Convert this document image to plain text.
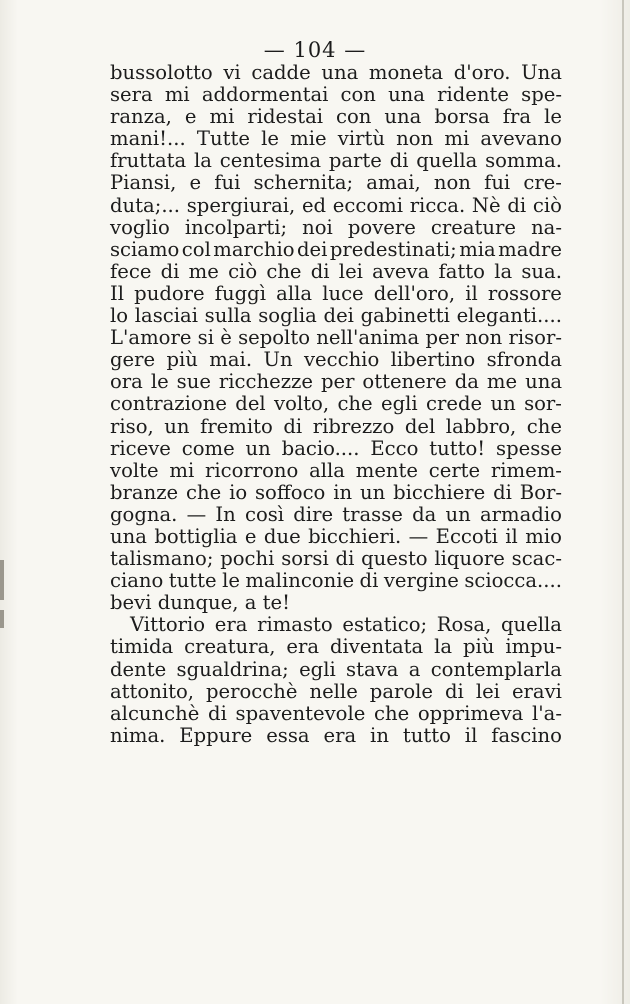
— 104 —
bussolotto vi cadde una moneta d'oro. Una
sera mi addormentai con una ridente spe-
ranza, e mi ridestai con una borsa fra le
mani!... Tutte le mie virtù non mi avevano
fruttata la centesima parte di quella somma.
Piansi, e fui schernita; amai, non fui cre-
duta;... spergiurai, ed eccomi ricca. Nè di ciò
voglio incolparti; noi povere creature na-
sciamo col marchio dei predestinati; mia madre
fece di me ciò che di lei aveva fatto la sua.
Il pudore fuggì alla luce dell'oro, il rossore
lo lasciai sulla soglia dei gabinetti eleganti....
L'amore si è sepolto nell'anima per non risor-
gere più mai. Un vecchio libertino sfronda
ora le sue ricchezze per ottenere da me una
contrazione del volto, che egli crede un sor-
riso, un fremito di ribrezzo del labbro, che
riceve come un bacio.... Ecco tutto! spesse
volte mi ricorrono alla mente certe rimem-
branze che io soffoco in un bicchiere di Bor-
gogna. — In così dire trasse da un armadio
una bottiglia e due bicchieri. — Eccoti il mio
talismano; pochi sorsi di questo liquore scac-
ciano tutte le malinconie di vergine sciocca....
bevi dunque, a te!
Vittorio era rimasto estatico; Rosa, quella
timida creatura, era diventata la più impu-
dente sgualdrina; egli stava a contemplarla
attonito, perocchè nelle parole di lei eravi
alcunchè di spaventevole che opprimeva l'a-
nima. Eppure essa era in tutto il fascino
